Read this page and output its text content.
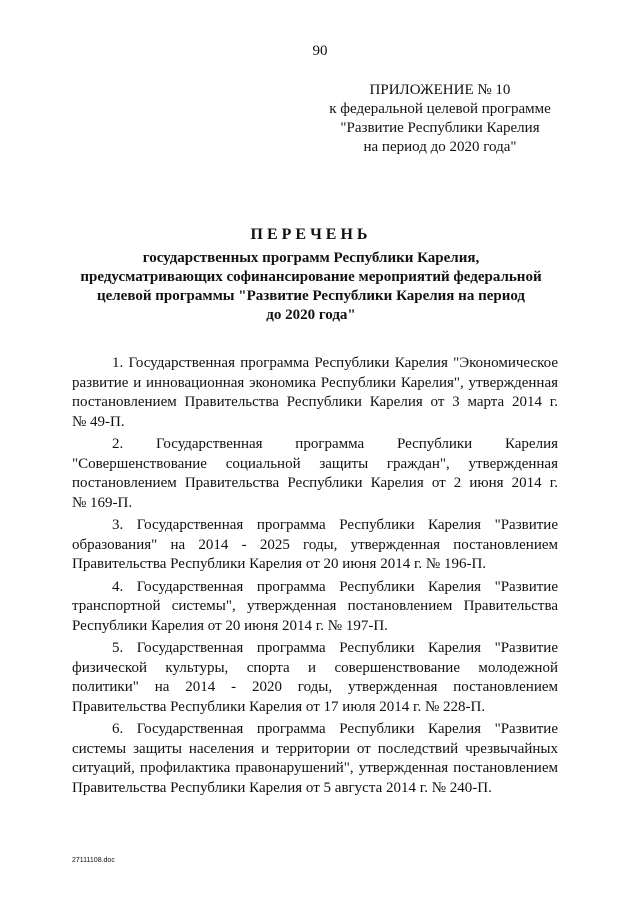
90
ПРИЛОЖЕНИЕ № 10
к федеральной целевой программе
"Развитие Республики Карелия
на период до 2020 года"
ПЕРЕЧЕНЬ
государственных программ Республики Карелия,
предусматривающих софинансирование мероприятий федеральной
целевой программы "Развитие Республики Карелия на период
до 2020 года"
1. Государственная программа Республики Карелия "Экономическое
развитие и инновационная экономика Республики Карелия", утвержденная
постановлением Правительства Республики Карелия от 3 марта 2014 г.
№ 49-П.
2. Государственная программа Республики Карелия
"Совершенствование социальной защиты граждан", утвержденная
постановлением Правительства Республики Карелия от 2 июня 2014 г.
№ 169-П.
3. Государственная программа Республики Карелия "Развитие
образования" на 2014 - 2025 годы, утвержденная постановлением
Правительства Республики Карелия от 20 июня 2014 г. № 196-П.
4. Государственная программа Республики Карелия "Развитие
транспортной системы", утвержденная постановлением Правительства
Республики Карелия от 20 июня 2014 г. № 197-П.
5. Государственная программа Республики Карелия "Развитие
физической культуры, спорта и совершенствование молодежной
политики" на 2014 - 2020 годы, утвержденная постановлением
Правительства Республики Карелия от 17 июля 2014 г. № 228-П.
6. Государственная программа Республики Карелия "Развитие
системы защиты населения и территории от последствий чрезвычайных
ситуаций, профилактика правонарушений", утвержденная постановлением
Правительства Республики Карелия от 5 августа 2014 г. № 240-П.
27111108.doc
